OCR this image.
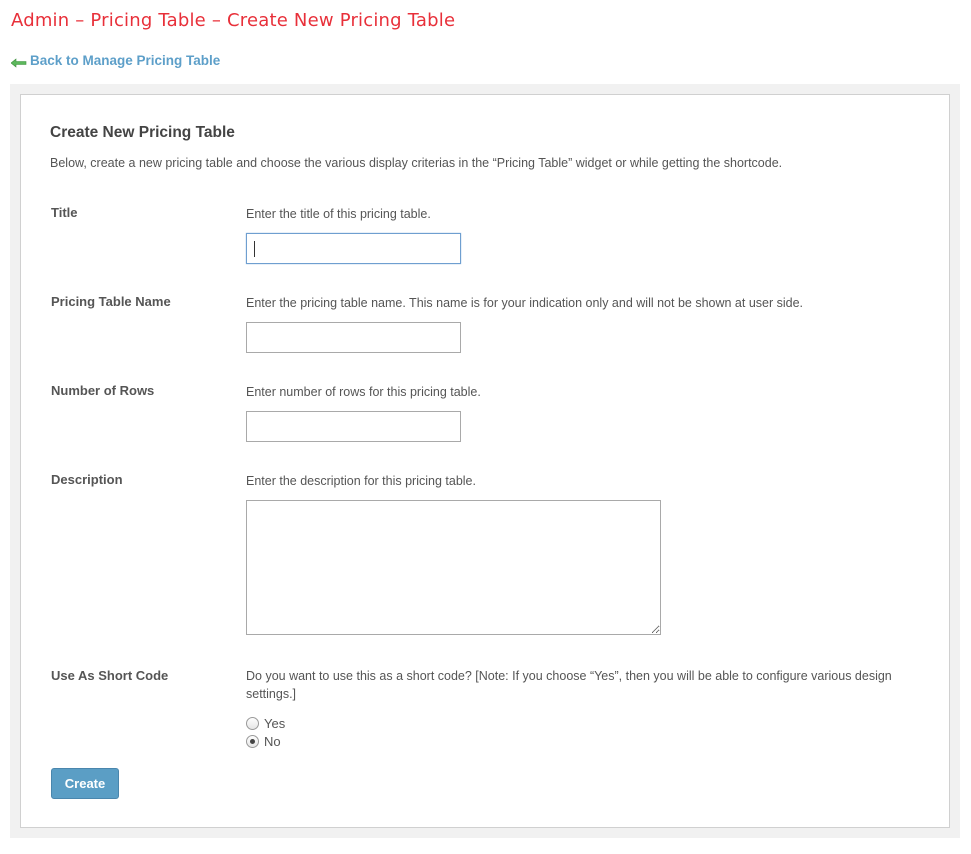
Admin – Pricing Table – Create New Pricing Table
Back to Manage Pricing Table
Create New Pricing Table
Below, create a new pricing table and choose the various display criterias in the “Pricing Table” widget or while getting the shortcode.
Title	Enter the title of this pricing table.
Pricing Table Name	Enter the pricing table name. This name is for your indication only and will not be shown at user side.
Number of Rows	Enter number of rows for this pricing table.
Description	Enter the description for this pricing table.
Use As Short Code	Do you want to use this as a short code? [Note: If you choose “Yes”, then you will be able to configure various design settings.]
Yes
No
Create
